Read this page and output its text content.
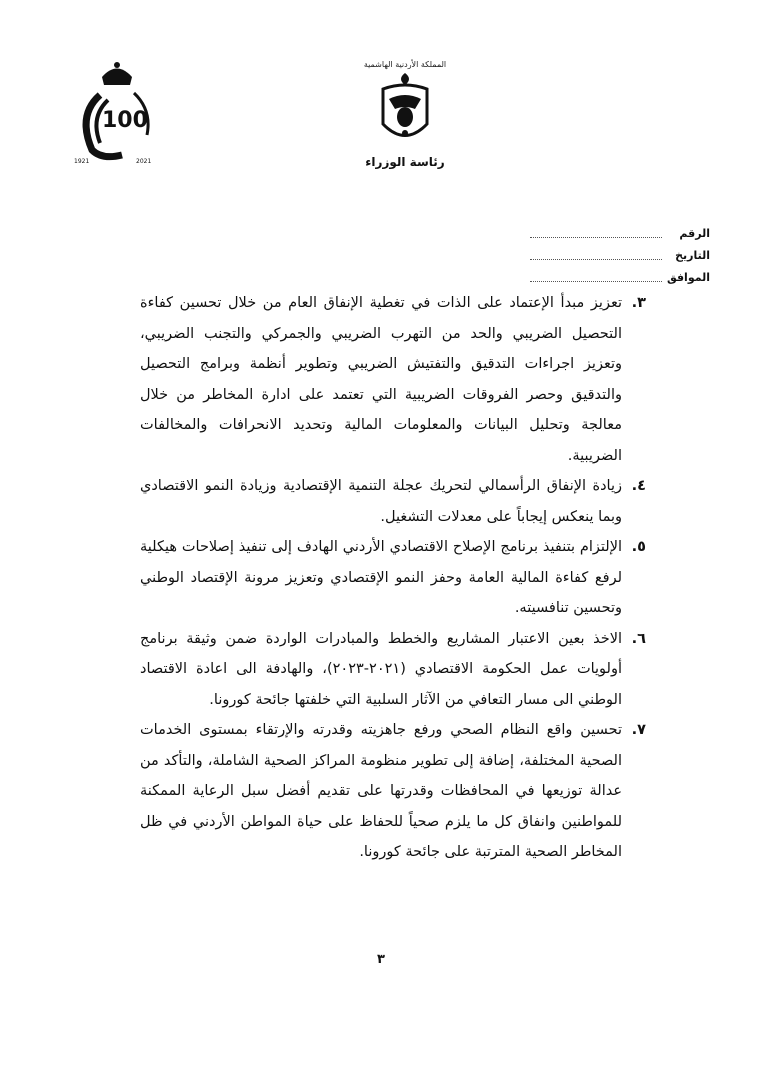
100
1921	2021
المملكة الأردنية الهاشمية
رئاسة الوزراء
الرقم
التاريخ
الموافق
٣.
تعزيز مبدأ الإعتماد على الذات في تغطية الإنفاق العام من خلال تحسين كفاءة التحصيل الضريبي والحد من التهرب الضريبي والجمركي والتجنب الضريبي، وتعزيز اجراءات التدقيق والتفتيش الضريبي وتطوير أنظمة وبرامج التحصيل والتدقيق وحصر الفروقات الضريبية التي تعتمد على ادارة المخاطر من خلال معالجة وتحليل البيانات والمعلومات المالية وتحديد الانحرافات والمخالفات الضريبية.
٤.
زيادة الإنفاق الرأسمالي لتحريك عجلة التنمية الإقتصادية وزيادة النمو الاقتصادي وبما ينعكس إيجاباً على معدلات التشغيل.
٥.
الإلتزام بتنفيذ برنامج الإصلاح الاقتصادي الأردني الهادف إلى تنفيذ إصلاحات هيكلية لرفع كفاءة المالية العامة وحفز النمو الإقتصادي وتعزيز مرونة الإقتصاد الوطني وتحسين تنافسيته.
٦.
الاخذ بعين الاعتبار المشاريع والخطط والمبادرات الواردة ضمن وثيقة برنامج أولويات عمل الحكومة الاقتصادي (٢٠٢١-٢٠٢٣)، والهادفة الى اعادة الاقتصاد الوطني الى مسار التعافي من الآثار السلبية التي خلفتها جائحة كورونا.
٧.
تحسين واقع النظام الصحي ورفع جاهزيته وقدرته والإرتقاء بمستوى الخدمات الصحية المختلفة، إضافة إلى تطوير منظومة المراكز الصحية الشاملة، والتأكد من عدالة توزيعها في المحافظات وقدرتها على تقديم أفضل سبل الرعاية الممكنة للمواطنين وانفاق كل ما يلزم صحياً للحفاظ على حياة المواطن الأردني في ظل المخاطر الصحية المترتبة على جائحة كورونا.
٣
